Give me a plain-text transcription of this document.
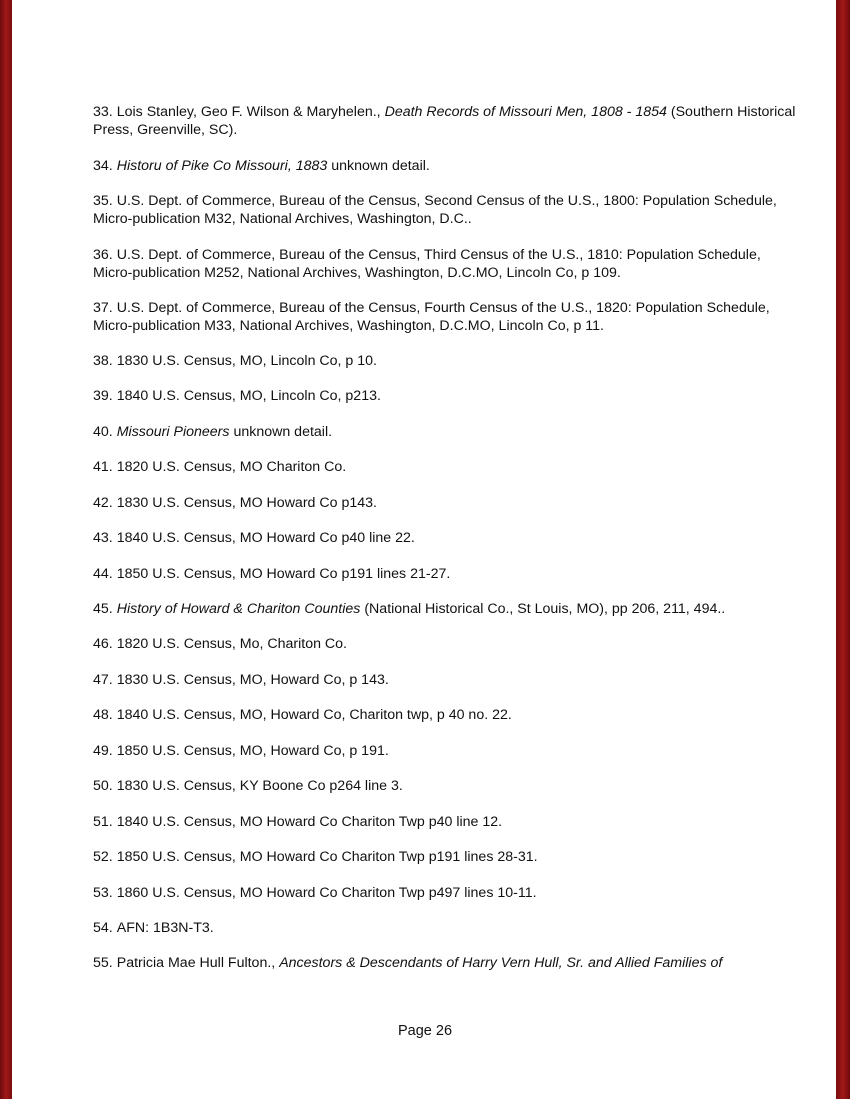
33. Lois Stanley, Geo F. Wilson & Maryhelen., Death Records of Missouri Men, 1808 - 1854 (Southern Historical Press, Greenville, SC).

34. Historu of Pike Co Missouri, 1883 unknown detail.

35. U.S. Dept. of Commerce, Bureau of the Census, Second Census of the U.S., 1800: Population Schedule, Micro-publication M32, National Archives, Washington, D.C..

36. U.S. Dept. of Commerce, Bureau of the Census, Third Census of the U.S., 1810: Population Schedule, Micro-publication M252, National Archives, Washington, D.C.MO, Lincoln Co, p 109.

37. U.S. Dept. of Commerce, Bureau of the Census, Fourth Census of the U.S., 1820: Population Schedule, Micro-publication M33, National Archives, Washington, D.C.MO, Lincoln Co, p 11.

38. 1830 U.S. Census, MO, Lincoln Co, p 10.

39. 1840 U.S. Census, MO, Lincoln Co, p213.

40. Missouri Pioneers unknown detail.

41. 1820 U.S. Census, MO Chariton Co.

42. 1830 U.S. Census, MO Howard Co p143.

43. 1840 U.S. Census, MO Howard Co p40 line 22.

44. 1850 U.S. Census, MO Howard Co p191 lines 21-27.

45. History of Howard & Chariton Counties (National Historical Co., St Louis, MO), pp 206, 211, 494..

46. 1820 U.S. Census, Mo, Chariton Co.

47. 1830 U.S. Census, MO, Howard Co, p 143.

48. 1840 U.S. Census, MO, Howard Co, Chariton twp, p 40 no. 22.

49. 1850 U.S. Census, MO, Howard Co, p 191.

50. 1830 U.S. Census, KY Boone Co p264 line 3.

51. 1840 U.S. Census, MO Howard Co Chariton Twp p40 line 12.

52. 1850 U.S. Census, MO Howard Co Chariton Twp p191 lines 28-31.

53. 1860 U.S. Census, MO Howard Co Chariton Twp p497 lines 10-11.

54. AFN: 1B3N-T3.

55. Patricia Mae Hull Fulton., Ancestors & Descendants of Harry Vern Hull, Sr. and Allied Families of

Page 26
